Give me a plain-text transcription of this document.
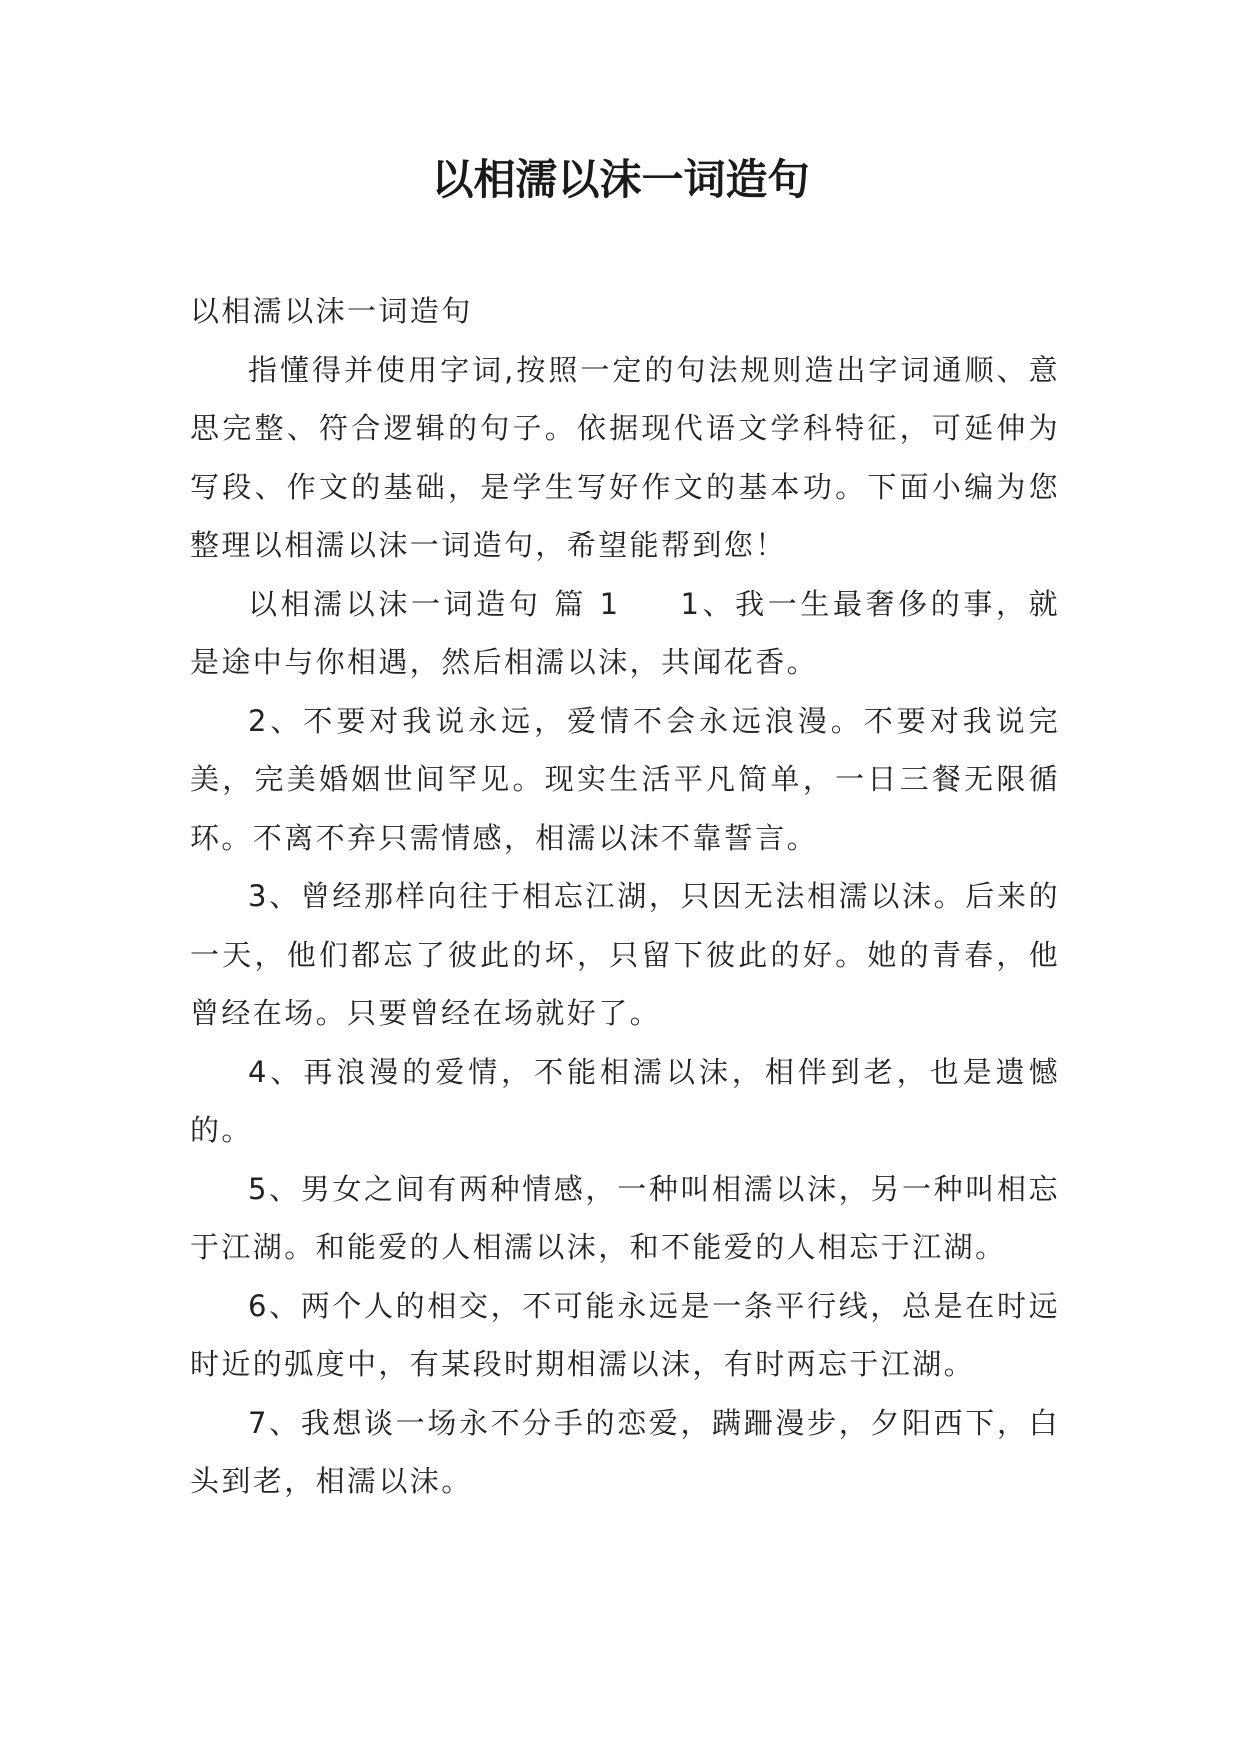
以相濡以沫一词造句

以相濡以沫一词造句

指懂得并使用字词,按照一定的句法规则造出字词通顺、意思完整、符合逻辑的句子。依据现代语文学科特征，可延伸为写段、作文的基础，是学生写好作文的基本功。下面小编为您整理以相濡以沫一词造句，希望能帮到您！

以相濡以沫一词造句 篇 1 1、我一生最奢侈的事，就是途中与你相遇，然后相濡以沫，共闻花香。

2、不要对我说永远，爱情不会永远浪漫。不要对我说完美，完美婚姻世间罕见。现实生活平凡简单，一日三餐无限循环。不离不弃只需情感，相濡以沫不靠誓言。

3、曾经那样向往于相忘江湖，只因无法相濡以沫。后来的一天，他们都忘了彼此的坏，只留下彼此的好。她的青春，他曾经在场。只要曾经在场就好了。

4、再浪漫的爱情，不能相濡以沫，相伴到老，也是遗憾的。

5、男女之间有两种情感，一种叫相濡以沫，另一种叫相忘于江湖。和能爱的人相濡以沫，和不能爱的人相忘于江湖。

6、两个人的相交，不可能永远是一条平行线，总是在时远时近的弧度中，有某段时期相濡以沫，有时两忘于江湖。

7、我想谈一场永不分手的恋爱，蹒跚漫步，夕阳西下，白头到老，相濡以沫。
